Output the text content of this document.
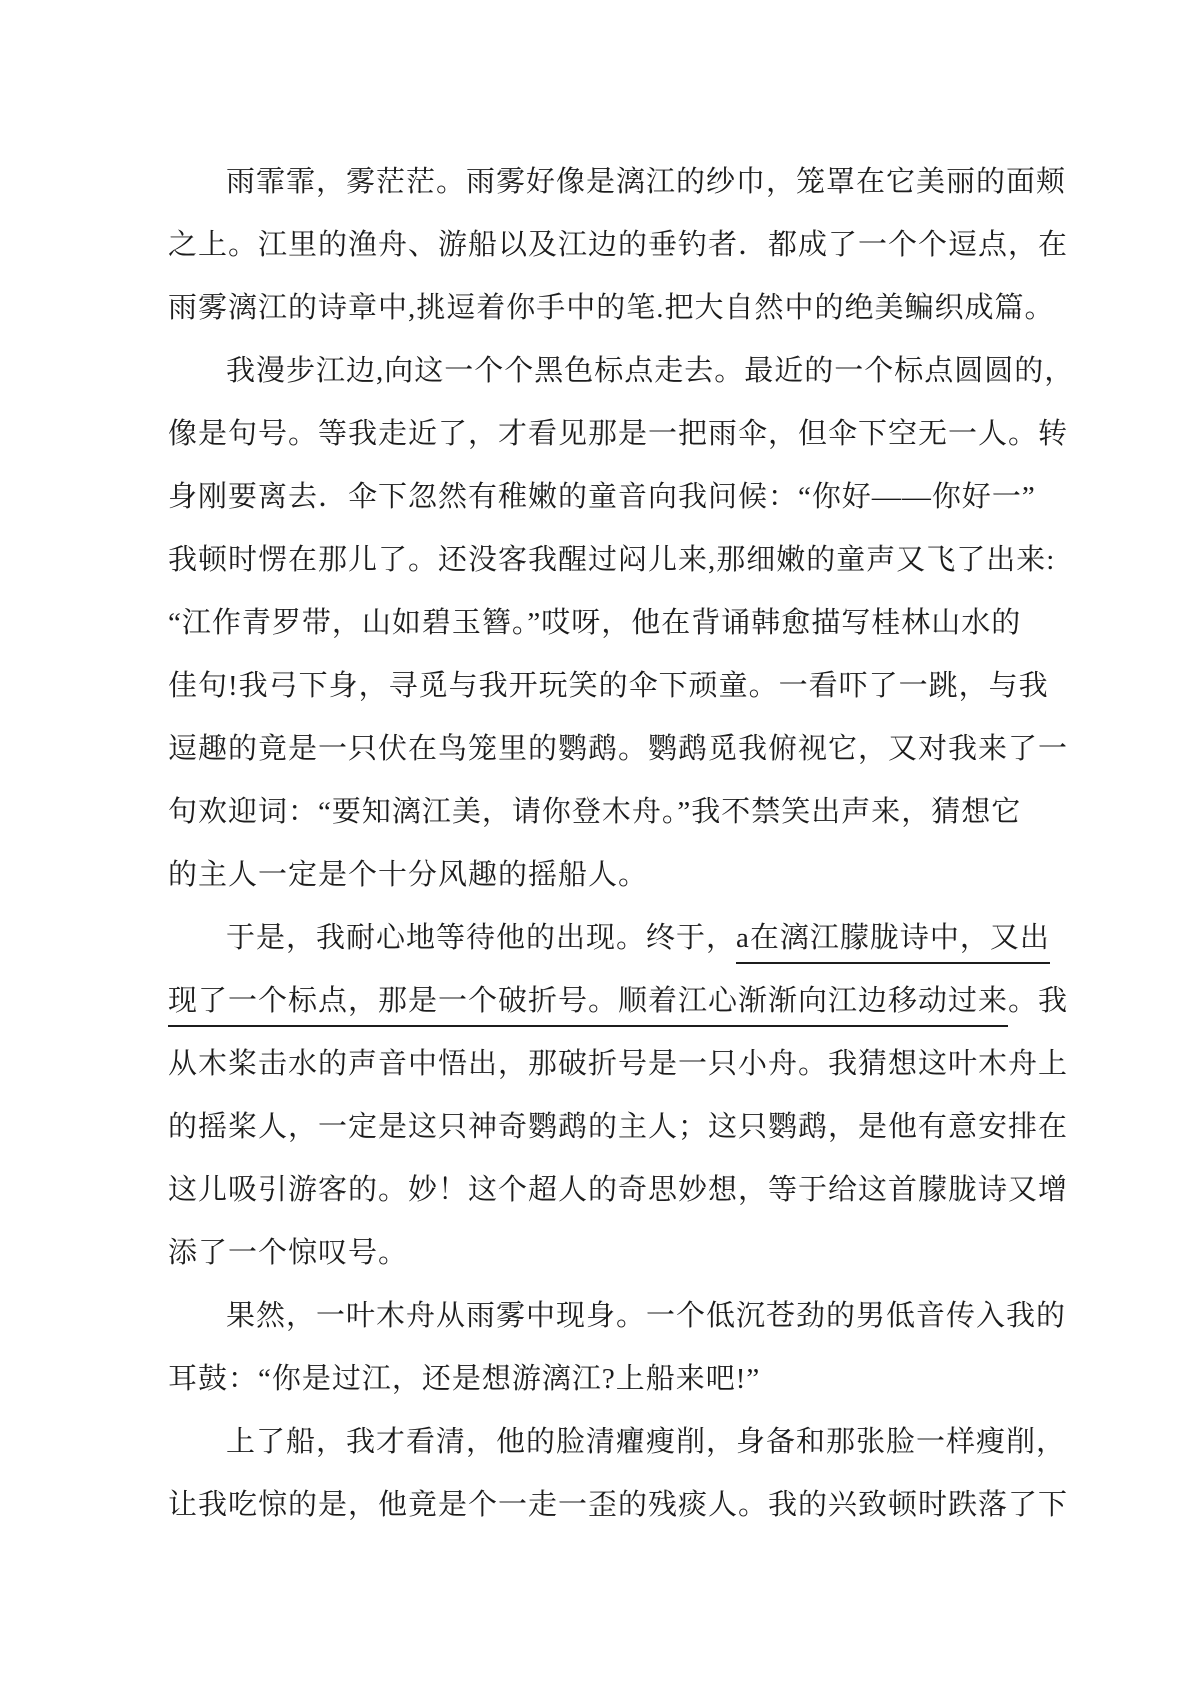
雨霏霏，雾茫茫。雨雾好像是漓江的纱巾，笼罩在它美丽的面颊
之上。江里的渔舟、游船以及江边的垂钓者．都成了一个个逗点，在
雨雾漓江的诗章中,挑逗着你手中的笔.把大自然中的绝美鳊织成篇。
我漫步江边,向这一个个黑色标点走去。最近的一个标点圆圆的，
像是句号。等我走近了，才看见那是一把雨伞，但伞下空无一人。转
身刚要离去．伞下忽然有稚嫩的童音向我问候：“你好——你好一”
我顿时愣在那儿了。还没客我醒过闷儿来,那细嫩的童声又飞了出来:
“江作青罗带，山如碧玉簪。”哎呀，他在背诵韩愈描写桂林山水的
佳句!我弓下身，寻觅与我开玩笑的伞下顽童。一看吓了一跳，与我
逗趣的竟是一只伏在鸟笼里的鹦鹉。鹦鹉觅我俯视它，又对我来了一
句欢迎词：“要知漓江美，请你登木舟。”我不禁笑出声来，猜想它
的主人一定是个十分风趣的摇船人。
于是，我耐心地等待他的出现。终于， a在漓江朦胧诗中，又出
现了一个标点，那是一个破折号。顺着江心渐渐向江边移动过来 。我
从木桨击水的声音中悟出，那破折号是一只小舟。我猜想这叶木舟上
的摇桨人，一定是这只神奇鹦鹉的主人；这只鹦鹉，是他有意安排在
这儿吸引游客的。妙！这个超人的奇思妙想，等于给这首朦胧诗又增
添了一个惊叹号。
果然，一叶木舟从雨雾中现身。一个低沉苍劲的男低音传入我的
耳鼓：“你是过江，还是想游漓江?上船来吧!”
上了船，我才看清，他的脸清癯瘦削，身备和那张脸一样瘦削，
让我吃惊的是，他竟是个一走一歪的残痰人。我的兴致顿时跌落了下
